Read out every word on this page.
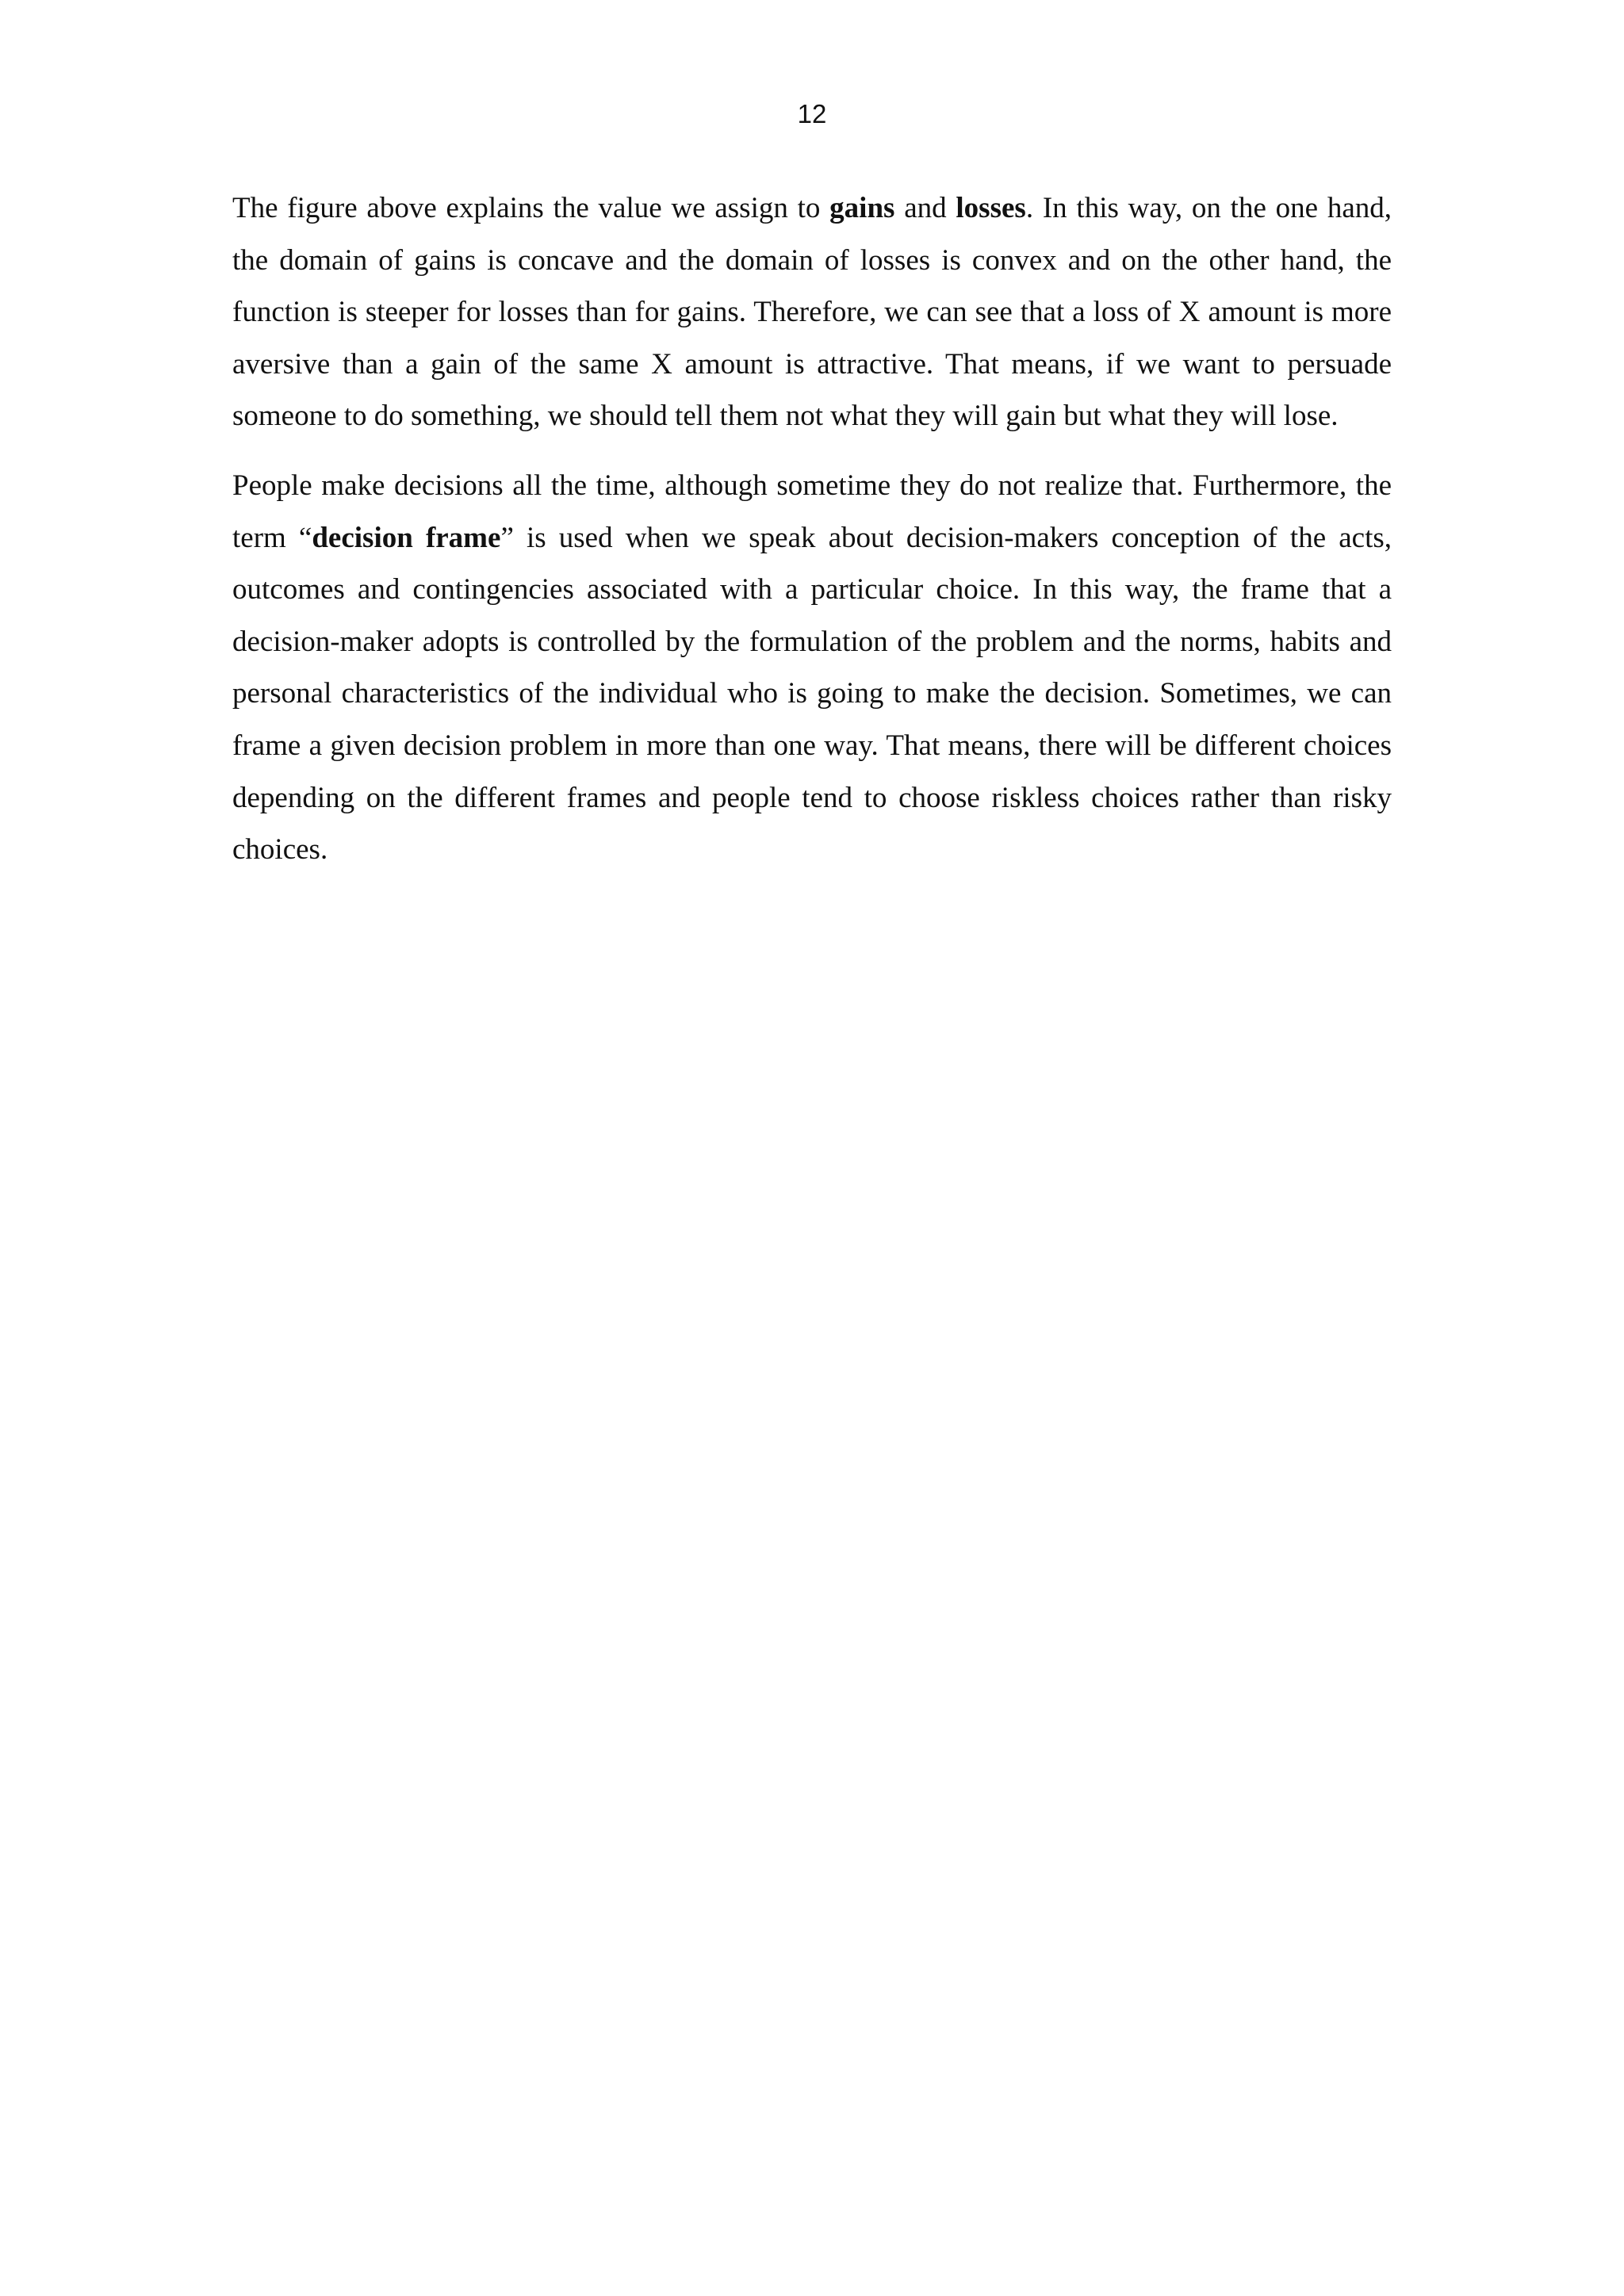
12

The figure above explains the value we assign to gains and losses. In this way, on the one hand, the domain of gains is concave and the domain of losses is convex and on the other hand, the function is steeper for losses than for gains. Therefore, we can see that a loss of X amount is more aversive than a gain of the same X amount is attractive. That means, if we want to persuade someone to do something, we should tell them not what they will gain but what they will lose.

People make decisions all the time, although sometime they do not realize that. Furthermore, the term “decision frame” is used when we speak about decision-makers conception of the acts, outcomes and contingencies associated with a particular choice. In this way, the frame that a decision-maker adopts is controlled by the formulation of the problem and the norms, habits and personal characteristics of the individual who is going to make the decision. Sometimes, we can frame a given decision problem in more than one way. That means, there will be different choices depending on the different frames and people tend to choose riskless choices rather than risky choices.
